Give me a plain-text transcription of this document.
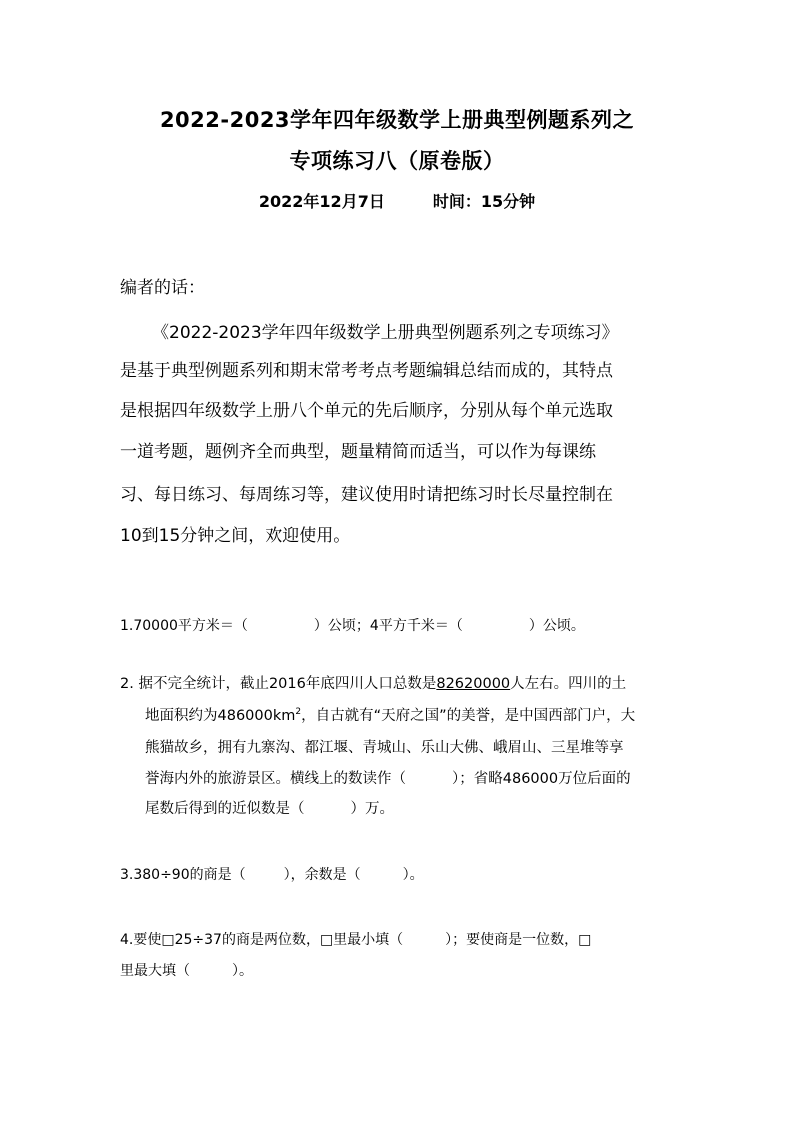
2022-2023学年四年级数学上册典型例题系列之
专项练习八（原卷版）
2022年12月7日	时间：15分钟
编者的话：
《2022-2023学年四年级数学上册典型例题系列之专项练习》
是基于典型例题系列和期末常考考点考题编辑总结而成的，其特点
是根据四年级数学上册八个单元的先后顺序，分别从每个单元选取
一道考题，题例齐全而典型，题量精简而适当，可以作为每课练
习、每日练习、每周练习等，建议使用时请把练习时长尽量控制在
10到15分钟之间，欢迎使用。
1.70000平方米＝（	）公顷；4平方千米＝（	）公顷。
2. 据不完全统计，截止2016年底四川人口总数是82620000人左右。四川的土
地面积约为$486000km^2$，自古就有“天府之国”的美誉，是中国西部门户，大
熊猫故乡，拥有九寨沟、都江堰、青城山、乐山大佛、峨眉山、三星堆等享
誉海内外的旅游景区。横线上的数读作（	）；省略486000万位后面的
尾数后得到的近似数是（	）万。
3.380÷90的商是（	），余数是（	）。
4.要使□25÷37的商是两位数，□里最小填（	）；要使商是一位数，□
里最大填（	）。
